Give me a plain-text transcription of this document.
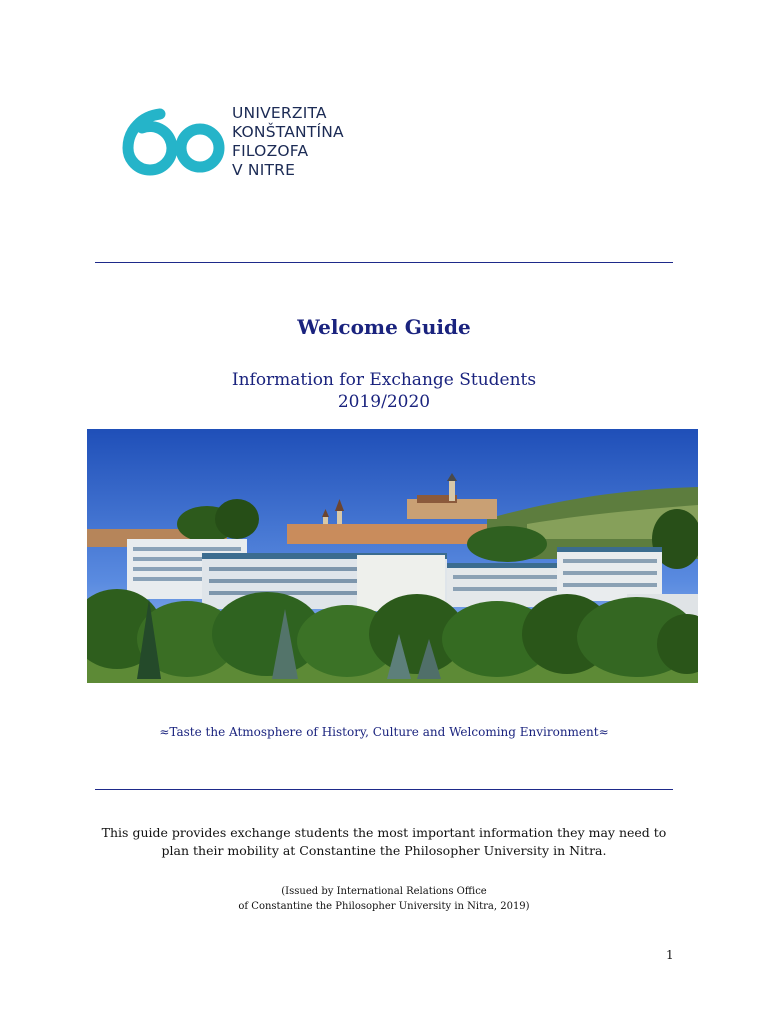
UNIVERZITA
KONŠTANTÍNA
FILOZOFA
V NITRE
Welcome Guide
Information for Exchange Students
2019/2020
≈Taste the Atmosphere of History, Culture and Welcoming Environment≈
This guide provides exchange students the most important information they may need to
plan their mobility at Constantine the Philosopher University in Nitra.
(Issued by International Relations Office
of Constantine the Philosopher University in Nitra, 2019)
1
